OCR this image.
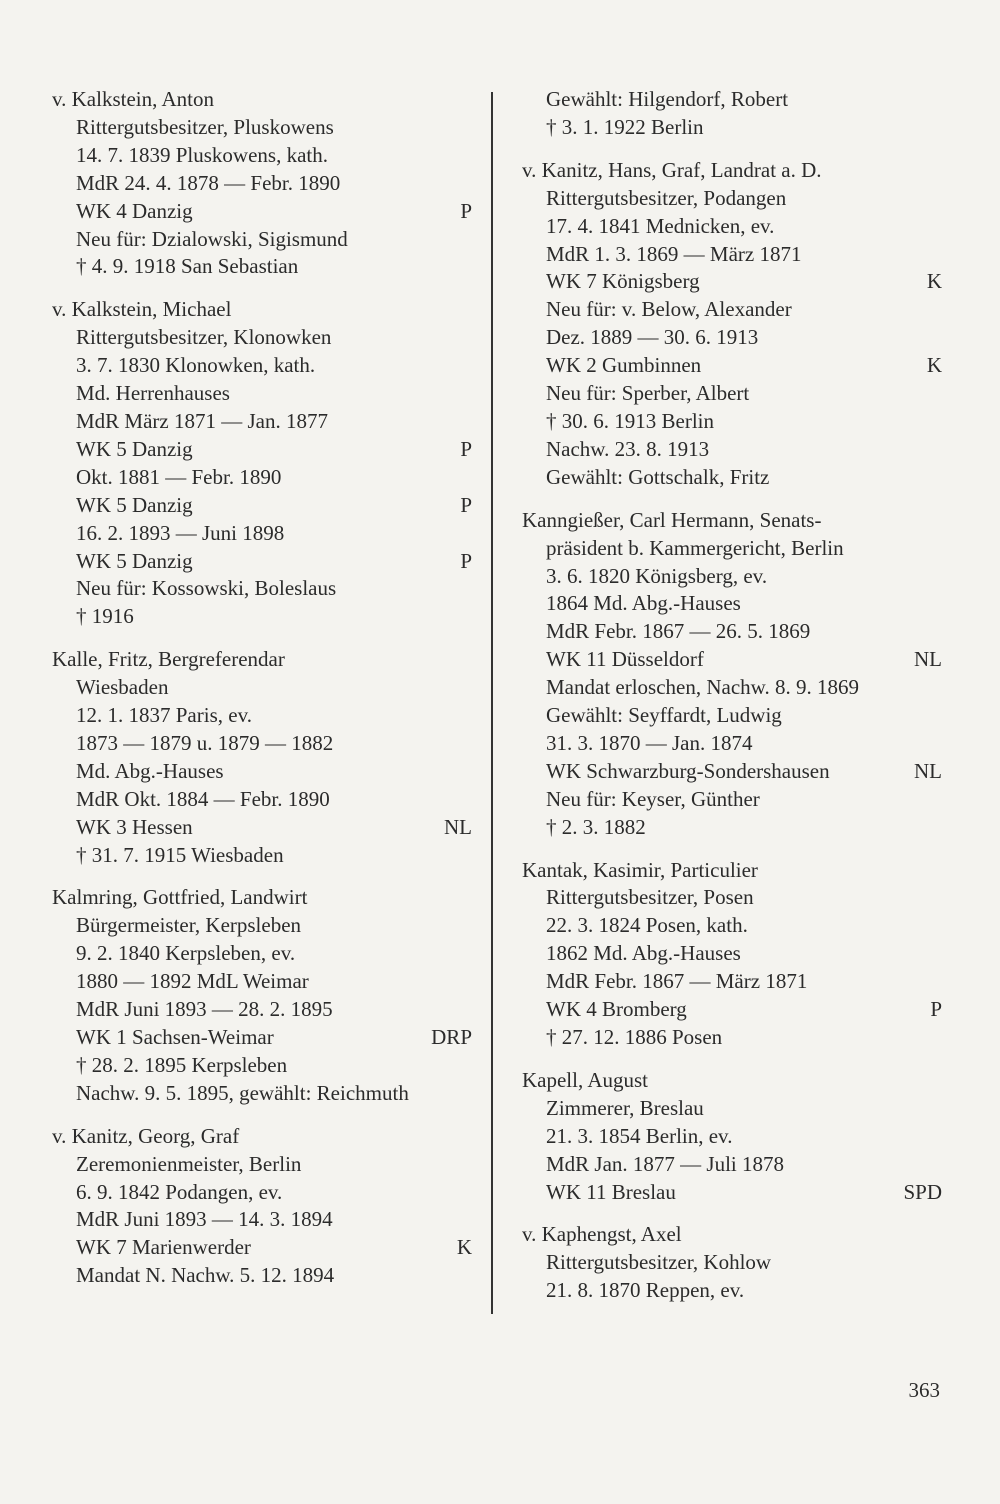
v. Kalkstein, Anton
Rittergutsbesitzer, Pluskowens
14. 7. 1839 Pluskowens, kath.
MdR 24. 4. 1878 — Febr. 1890
WK 4 Danzig	P
Neu für: Dzialowski, Sigismund
† 4. 9. 1918 San Sebastian
v. Kalkstein, Michael
Rittergutsbesitzer, Klonowken
3. 7. 1830 Klonowken, kath.
Md. Herrenhauses
MdR März 1871 — Jan. 1877
WK 5 Danzig	P
Okt. 1881 — Febr. 1890
WK 5 Danzig	P
16. 2. 1893 — Juni 1898
WK 5 Danzig	P
Neu für: Kossowski, Boleslaus
† 1916
Kalle, Fritz, Bergreferendar
Wiesbaden
12. 1. 1837 Paris, ev.
1873 — 1879 u. 1879 — 1882
Md. Abg.-Hauses
MdR Okt. 1884 — Febr. 1890
WK 3 Hessen	NL
† 31. 7. 1915 Wiesbaden
Kalmring, Gottfried, Landwirt
Bürgermeister, Kerpsleben
9. 2. 1840 Kerpsleben, ev.
1880 — 1892 MdL Weimar
MdR Juni 1893 — 28. 2. 1895
WK 1 Sachsen-Weimar	DRP
† 28. 2. 1895 Kerpsleben
Nachw. 9. 5. 1895, gewählt: Reichmuth
v. Kanitz, Georg, Graf
Zeremonienmeister, Berlin
6. 9. 1842 Podangen, ev.
MdR Juni 1893 — 14. 3. 1894
WK 7 Marienwerder	K
Mandat N. Nachw. 5. 12. 1894
Gewählt: Hilgendorf, Robert
† 3. 1. 1922 Berlin
v. Kanitz, Hans, Graf, Landrat a. D.
Rittergutsbesitzer, Podangen
17. 4. 1841 Mednicken, ev.
MdR 1. 3. 1869 — März 1871
WK 7 Königsberg	K
Neu für: v. Below, Alexander
Dez. 1889 — 30. 6. 1913
WK 2 Gumbinnen	K
Neu für: Sperber, Albert
† 30. 6. 1913 Berlin
Nachw. 23. 8. 1913
Gewählt: Gottschalk, Fritz
Kanngießer, Carl Hermann, Senats-
präsident b. Kammergericht, Berlin
3. 6. 1820 Königsberg, ev.
1864 Md. Abg.-Hauses
MdR Febr. 1867 — 26. 5. 1869
WK 11 Düsseldorf	NL
Mandat erloschen, Nachw. 8. 9. 1869
Gewählt: Seyffardt, Ludwig
31. 3. 1870 — Jan. 1874
WK Schwarzburg-Sondershausen	NL
Neu für: Keyser, Günther
† 2. 3. 1882
Kantak, Kasimir, Particulier
Rittergutsbesitzer, Posen
22. 3. 1824 Posen, kath.
1862 Md. Abg.-Hauses
MdR Febr. 1867 — März 1871
WK 4 Bromberg	P
† 27. 12. 1886 Posen
Kapell, August
Zimmerer, Breslau
21. 3. 1854 Berlin, ev.
MdR Jan. 1877 — Juli 1878
WK 11 Breslau	SPD
v. Kaphengst, Axel
Rittergutsbesitzer, Kohlow
21. 8. 1870 Reppen, ev.
363
